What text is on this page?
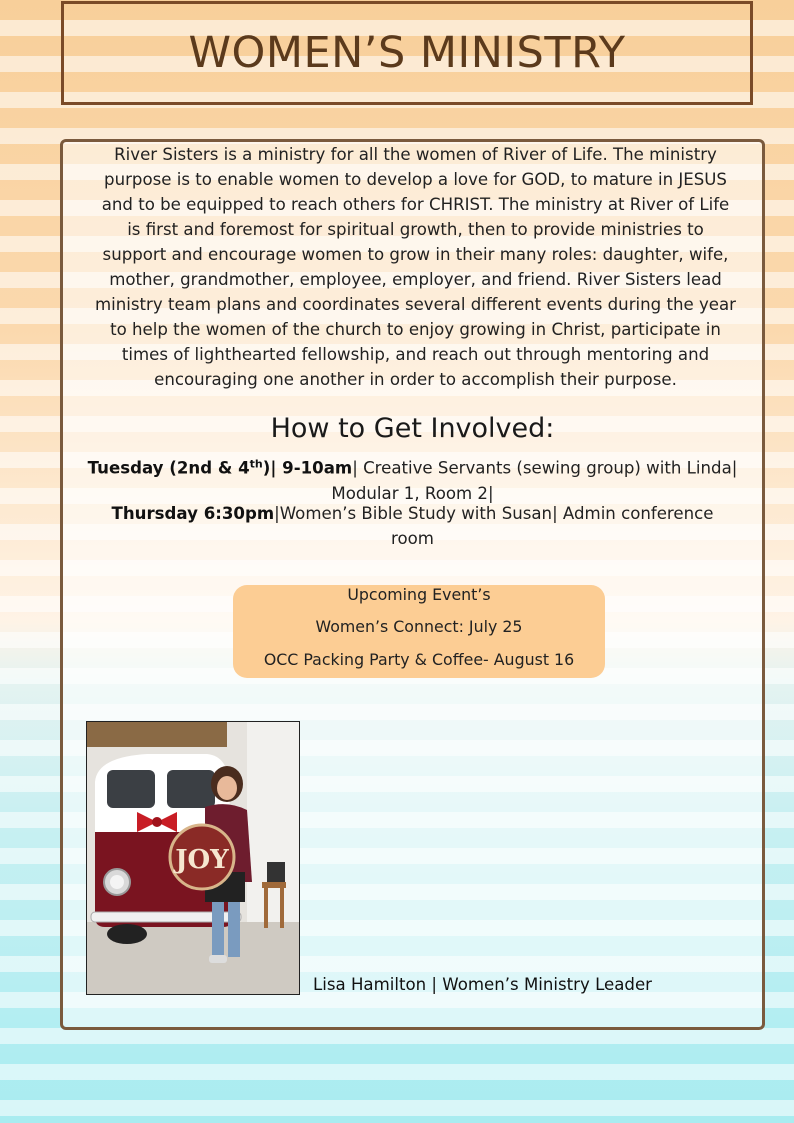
WOMEN’S MINISTRY

River Sisters is a ministry for all the women of River of Life. The ministry
purpose is to enable women to develop a love for GOD, to mature in JESUS
and to be equipped to reach others for CHRIST. The ministry at River of Life
is first and foremost for spiritual growth, then to provide ministries to
support and encourage women to grow in their many roles: daughter, wife,
mother, grandmother, employee, employer, and friend. River Sisters lead
ministry team plans and coordinates several different events during the year
to help the women of the church to enjoy growing in Christ, participate in
times of lighthearted fellowship, and reach out through mentoring and
encouraging one another in order to accomplish their purpose.

How to Get Involved:

Tuesday (2nd & 4th)| 9-10am| Creative Servants (sewing group) with Linda|
Modular 1, Room 2|

Thursday 6:30pm|Women’s Bible Study with Susan| Admin conference
room

Upcoming Event’s
Women’s Connect: July 25
OCC Packing Party & Coffee- August 16
JOY
Lisa Hamilton | Women’s Ministry Leader
